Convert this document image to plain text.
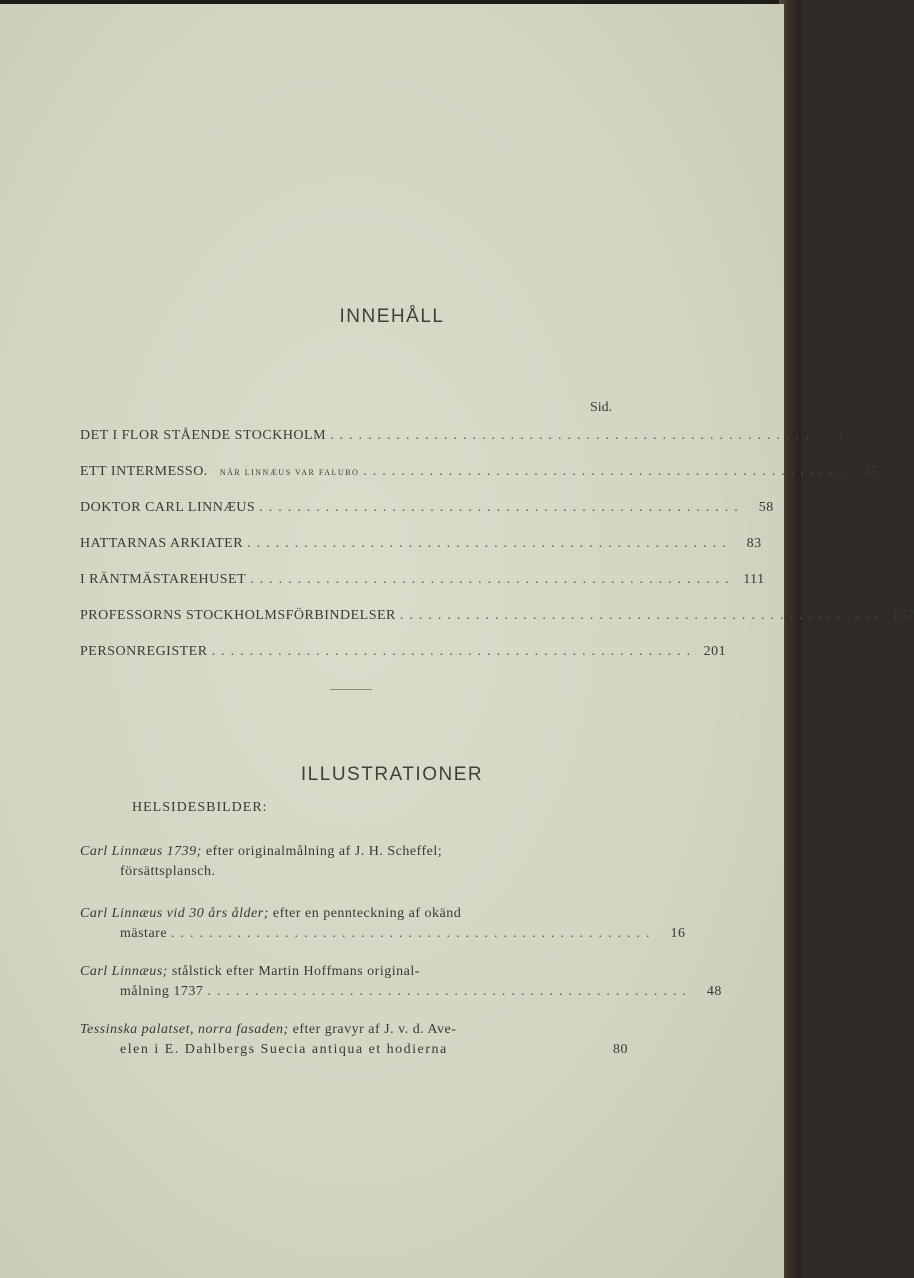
INNEHÅLL
Sid.
DET I FLOR STÅENDE STOCKHOLM ...................................................	1
ETT INTERMESSO. NÄR LINNÆUS VAR FALUBO ...................................................	37
DOKTOR CARL LINNÆUS ...................................................	58
HATTARNAS ARKIATER ...................................................	83
I RÄNTMÄSTAREHUSET ................................................... 111
PROFESSORNS STOCKHOLMSFÖRBINDELSER ................................................... 152
PERSONREGISTER ................................................... 201
ILLUSTRATIONER
HELSIDESBILDER:
Carl Linnæus 1739; efter originalmålning af J. H. Scheffel;
försättsplansch.
Carl Linnæus vid 30 års ålder; efter en pennteckning af okänd
mästare ...................................................	16
Carl Linnæus; stålstick efter Martin Hoffmans original-
målning 1737 ...................................................	48
Tessinska palatset, norra fasaden; efter gravyr af J. v. d. Ave-
elen i E. Dahlbergs Suecia antiqua et hodierna	80
